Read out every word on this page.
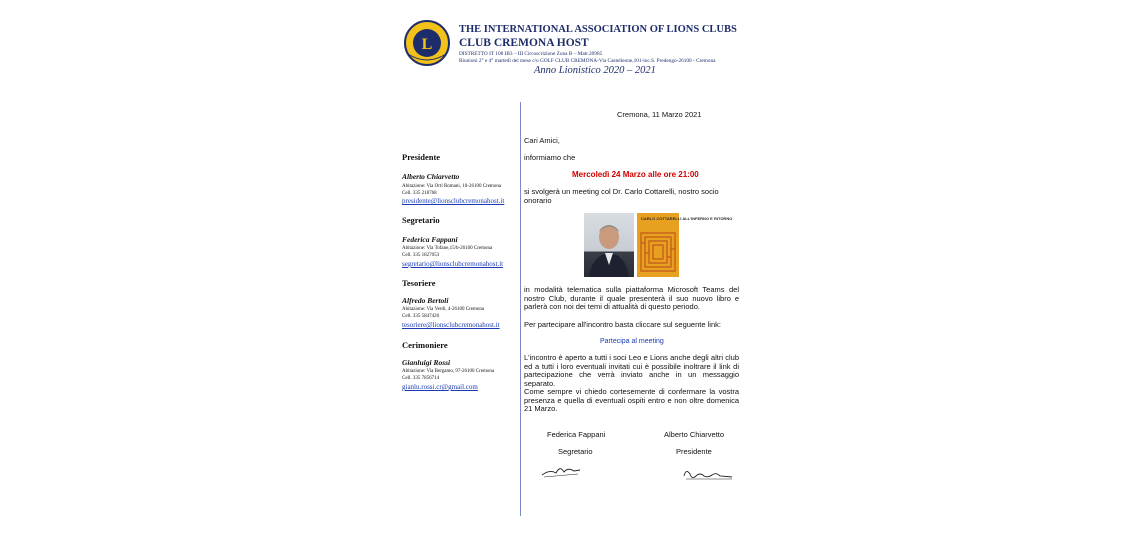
L
THE INTERNATIONAL ASSOCIATION OF LIONS CLUBS
CLUB CREMONA HOST
DISTRETTO IT 108 IB3 – III Circoscrizione Zona B – Matr.20985
Riunioni 2° e 4° martedì del mese c/o GOLF CLUB CREMONA-Via Castelleone,101-loc.S. Predengo-26100 - Cremona
Anno Lionistico 2020 – 2021
Presidente
Alberto Chiarvetto
Abitazione: Via Orti Romani, 10-26100 Cremona
Cell. 335 218768
presidente@lionsclubcremonahost.it
Segretario
Federica Fappani
Abitazione: Via Tofane,15/b-26100 Cremona
Cell. 335 1827053
segretario@lionsclubcremonahost.it
Tesoriere
Alfredo Bertoli
Abitazione: Via Verdi, 4-26100 Cremona
Cell. 335 5847426
tesoriere@lionsclubcremonahost.it
Cerimoniere
Gianluigi Rossi
Abitazione: Via Bergamo, 97-26100 Cremona
Cell. 335 7856714
gianlu.rossi.cr@gmail.com
Cremona, 11 Marzo 2021
Cari Amici,
informiamo che
Mercoledì 24 Marzo alle ore 21:00
si svolgerà un meeting col Dr. Carlo Cottarelli, nostro socio onorario
CARLO COTTARELLI ALL'INFERNO E RITORNO
in modalità telematica sulla piattaforma Microsoft Teams del nostro Club, durante il quale presenterà il suo nuovo libro e parlerà con noi dei temi di attualità di questo periodo.
Per partecipare all'incontro basta cliccare sul seguente link:
Partecipa al meeting
L'incontro è aperto a tutti i soci Leo e Lions anche degli altri club ed a tutti i loro eventuali invitati cui è possibile inoltrare il link di partecipazione che verrà inviato anche in un messaggio separato.
Come sempre vi chiedo cortesemente di confermare la vostra presenza e quella di eventuali ospiti entro e non oltre domenica 21 Marzo.
Federica Fappani
Segretario
Alberto Chiarvetto
Presidente
